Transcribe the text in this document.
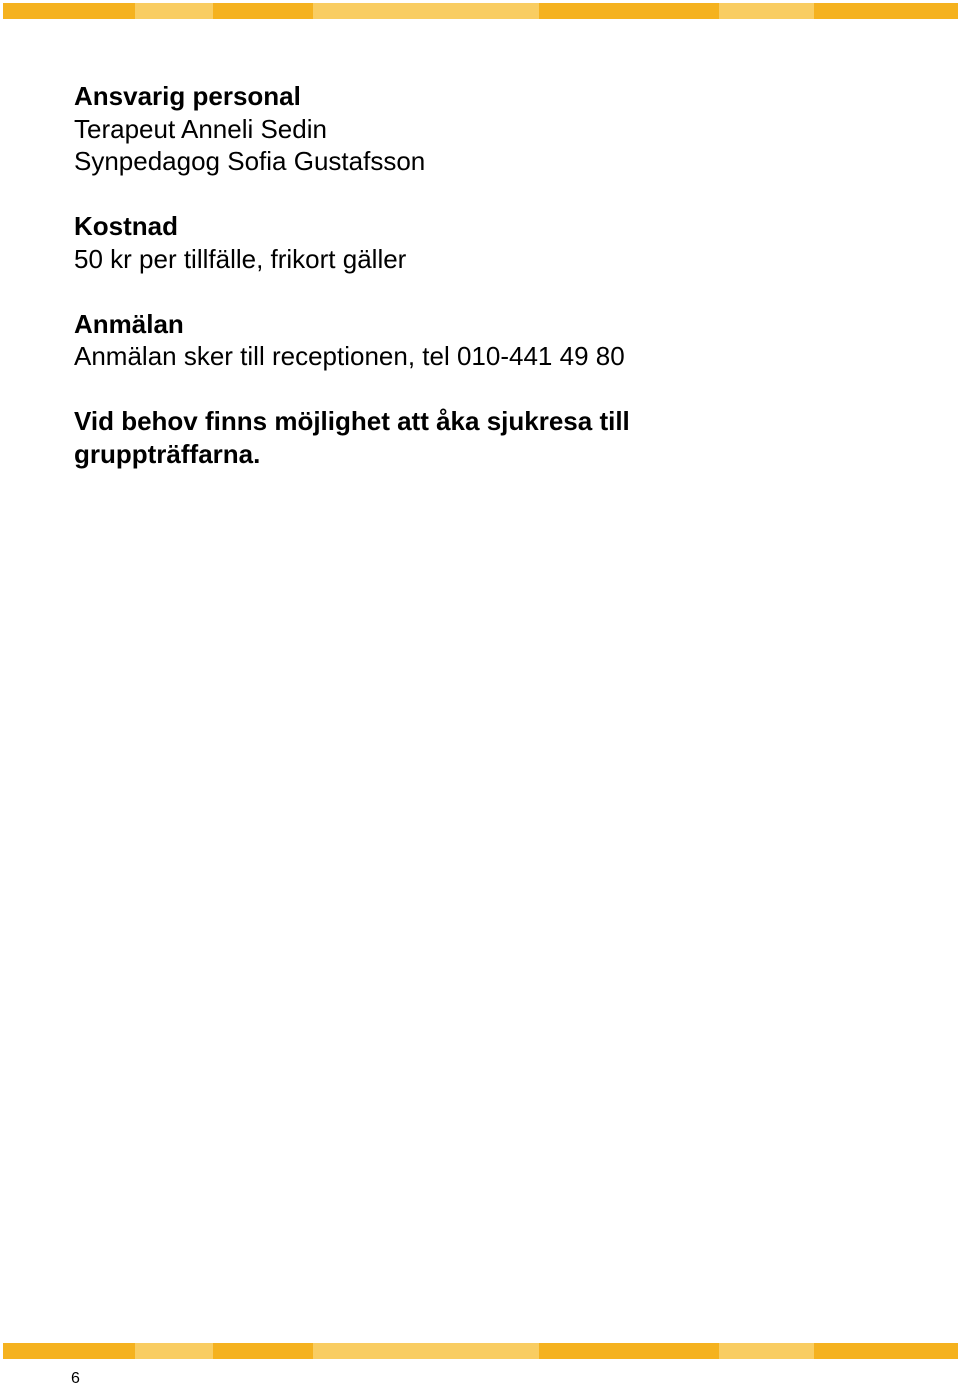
Ansvarig personal
Terapeut Anneli Sedin
Synpedagog Sofia Gustafsson
Kostnad
50 kr per tillfälle, frikort gäller
Anmälan
Anmälan sker till receptionen, tel 010-441 49 80
Vid behov finns möjlighet att åka sjukresa till gruppträffarna.
6
